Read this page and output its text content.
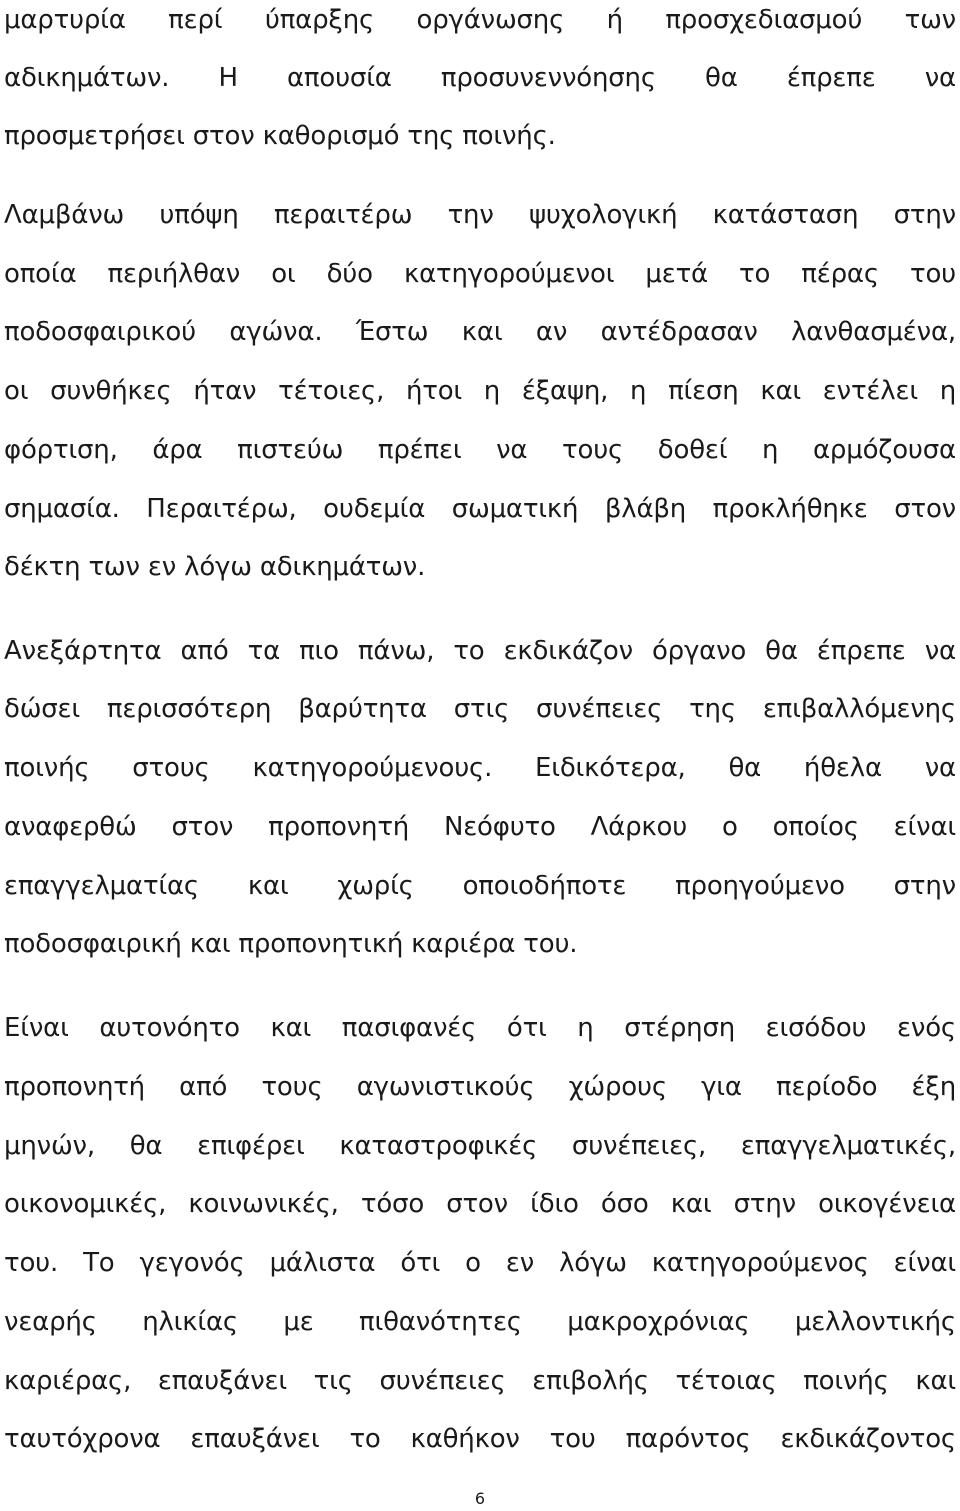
μαρτυρία περί ύπαρξης οργάνωσης ή προσχεδιασμού των
αδικημάτων. Η απουσία προσυνεννόησης θα έπρεπε να
προσμετρήσει στον καθορισμό της ποινής.
Λαμβάνω υπόψη περαιτέρω την ψυχολογική κατάσταση στην
οποία περιήλθαν οι δύο κατηγορούμενοι μετά το πέρας του
ποδοσφαιρικού αγώνα. Έστω και αν αντέδρασαν λανθασμένα,
οι συνθήκες ήταν τέτοιες, ήτοι η έξαψη, η πίεση και εντέλει η
φόρτιση, άρα πιστεύω πρέπει να τους δοθεί η αρμόζουσα
σημασία. Περαιτέρω, ουδεμία σωματική βλάβη προκλήθηκε στον
δέκτη των εν λόγω αδικημάτων.
Ανεξάρτητα από τα πιο πάνω, το εκδικάζον όργανο θα έπρεπε να
δώσει περισσότερη βαρύτητα στις συνέπειες της επιβαλλόμενης
ποινής στους κατηγορούμενους. Ειδικότερα, θα ήθελα να
αναφερθώ στον προπονητή Νεόφυτο Λάρκου ο οποίος είναι
επαγγελματίας και χωρίς οποιοδήποτε προηγούμενο στην
ποδοσφαιρική και προπονητική καριέρα του.
Είναι αυτονόητο και πασιφανές ότι η στέρηση εισόδου ενός
προπονητή από τους αγωνιστικούς χώρους για περίοδο έξη
μηνών, θα επιφέρει καταστροφικές συνέπειες, επαγγελματικές,
οικονομικές, κοινωνικές, τόσο στον ίδιο όσο και στην οικογένεια
του. Το γεγονός μάλιστα ότι ο εν λόγω κατηγορούμενος είναι
νεαρής ηλικίας με πιθανότητες μακροχρόνιας μελλοντικής
καριέρας, επαυξάνει τις συνέπειες επιβολής τέτοιας ποινής και
ταυτόχρονα επαυξάνει το καθήκον του παρόντος εκδικάζοντος
6
